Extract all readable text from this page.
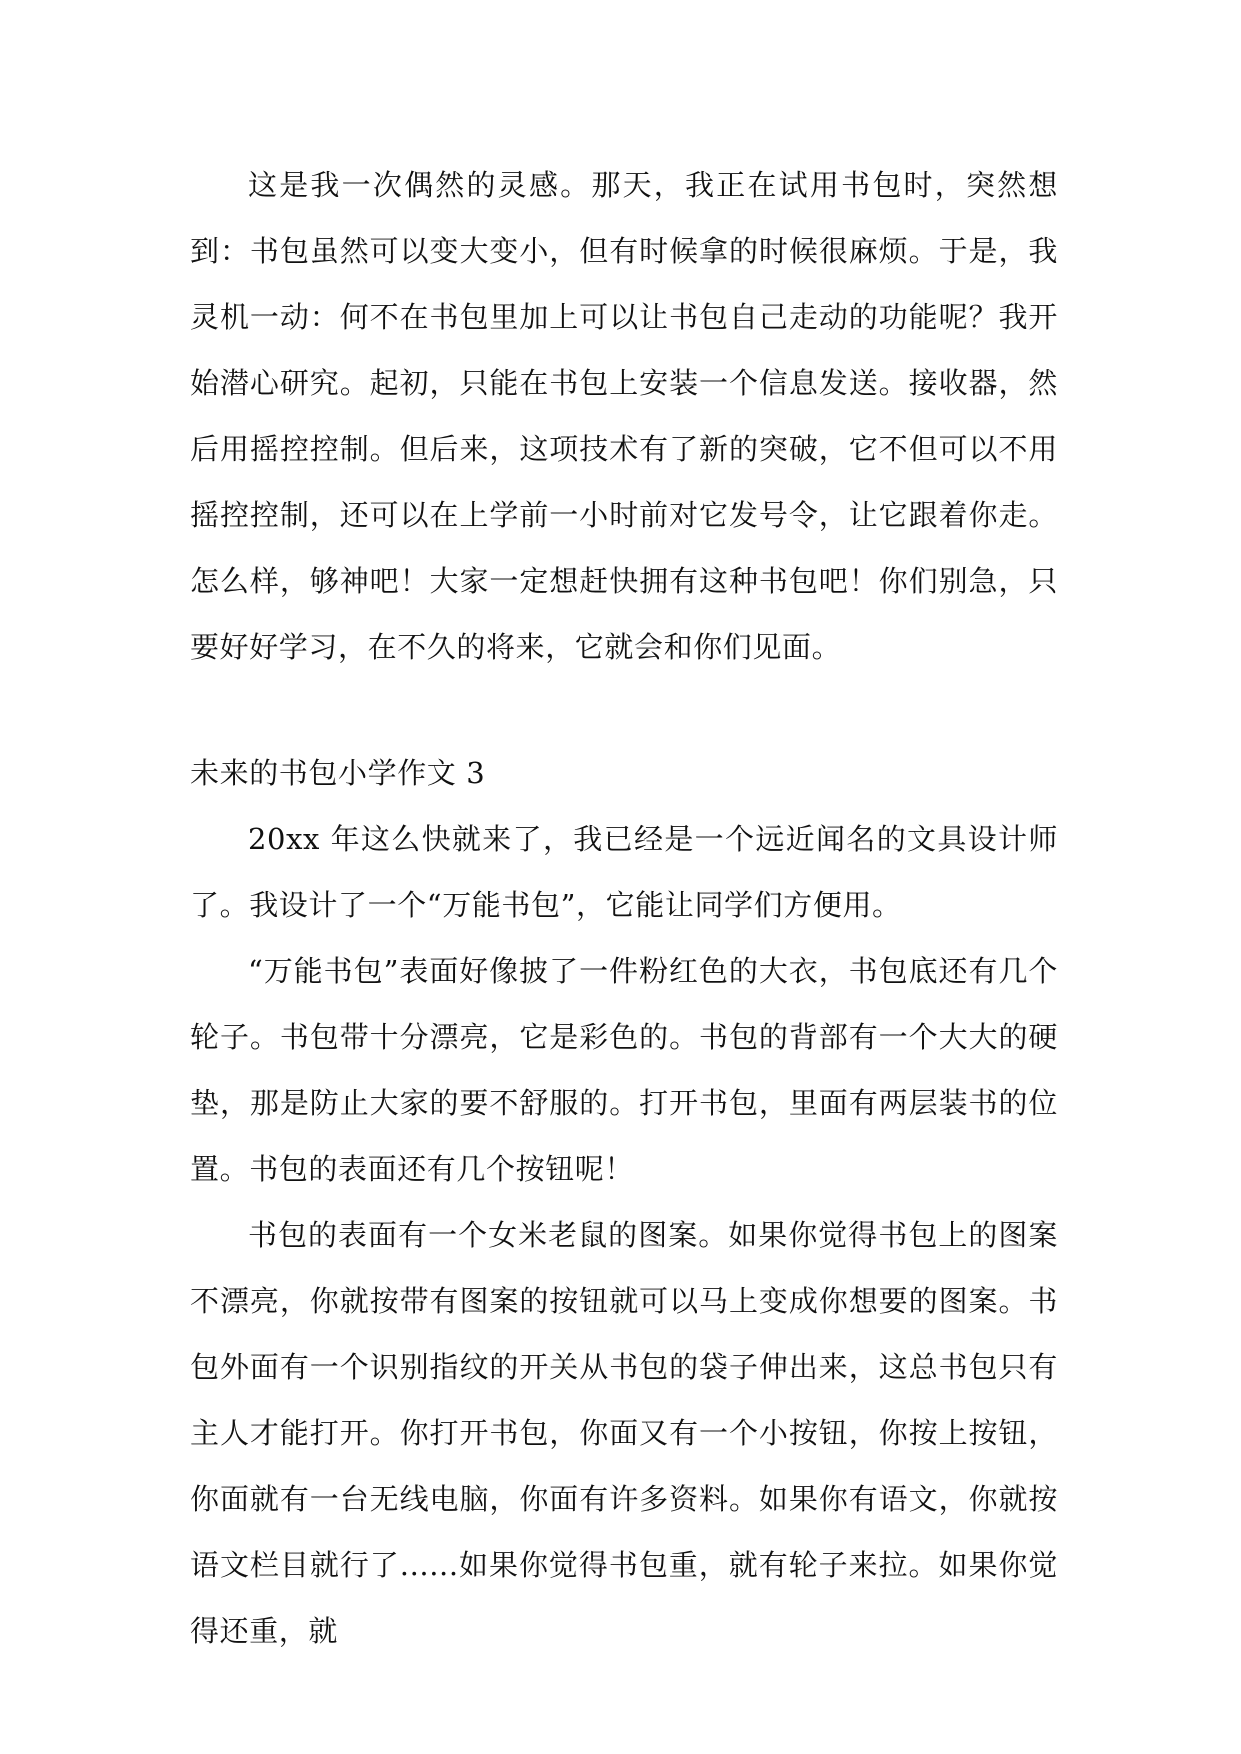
这是我一次偶然的灵感。那天，我正在试用书包时，突然想到：书包虽然可以变大变小，但有时候拿的时候很麻烦。于是，我灵机一动：何不在书包里加上可以让书包自己走动的功能呢？我开始潜心研究。起初，只能在书包上安装一个信息发送。接收器，然后用摇控控制。但后来，这项技术有了新的突破，它不但可以不用摇控控制，还可以在上学前一小时前对它发号令，让它跟着你走。怎么样，够神吧！大家一定想赶快拥有这种书包吧！你们别急，只要好好学习，在不久的将来，它就会和你们见面。

未来的书包小学作文 3

20xx 年这么快就来了，我已经是一个远近闻名的文具设计师了。我设计了一个“万能书包”，它能让同学们方便用。

“万能书包”表面好像披了一件粉红色的大衣，书包底还有几个轮子。书包带十分漂亮，它是彩色的。书包的背部有一个大大的硬垫，那是防止大家的要不舒服的。打开书包，里面有两层装书的位置。书包的表面还有几个按钮呢！

书包的表面有一个女米老鼠的图案。如果你觉得书包上的图案不漂亮，你就按带有图案的按钮就可以马上变成你想要的图案。书包外面有一个识别指纹的开关从书包的袋子伸出来，这总书包只有主人才能打开。你打开书包，你面又有一个小按钮，你按上按钮，你面就有一台无线电脑，你面有许多资料。如果你有语文，你就按语文栏目就行了......如果你觉得书包重，就有轮子来拉。如果你觉得还重，就
